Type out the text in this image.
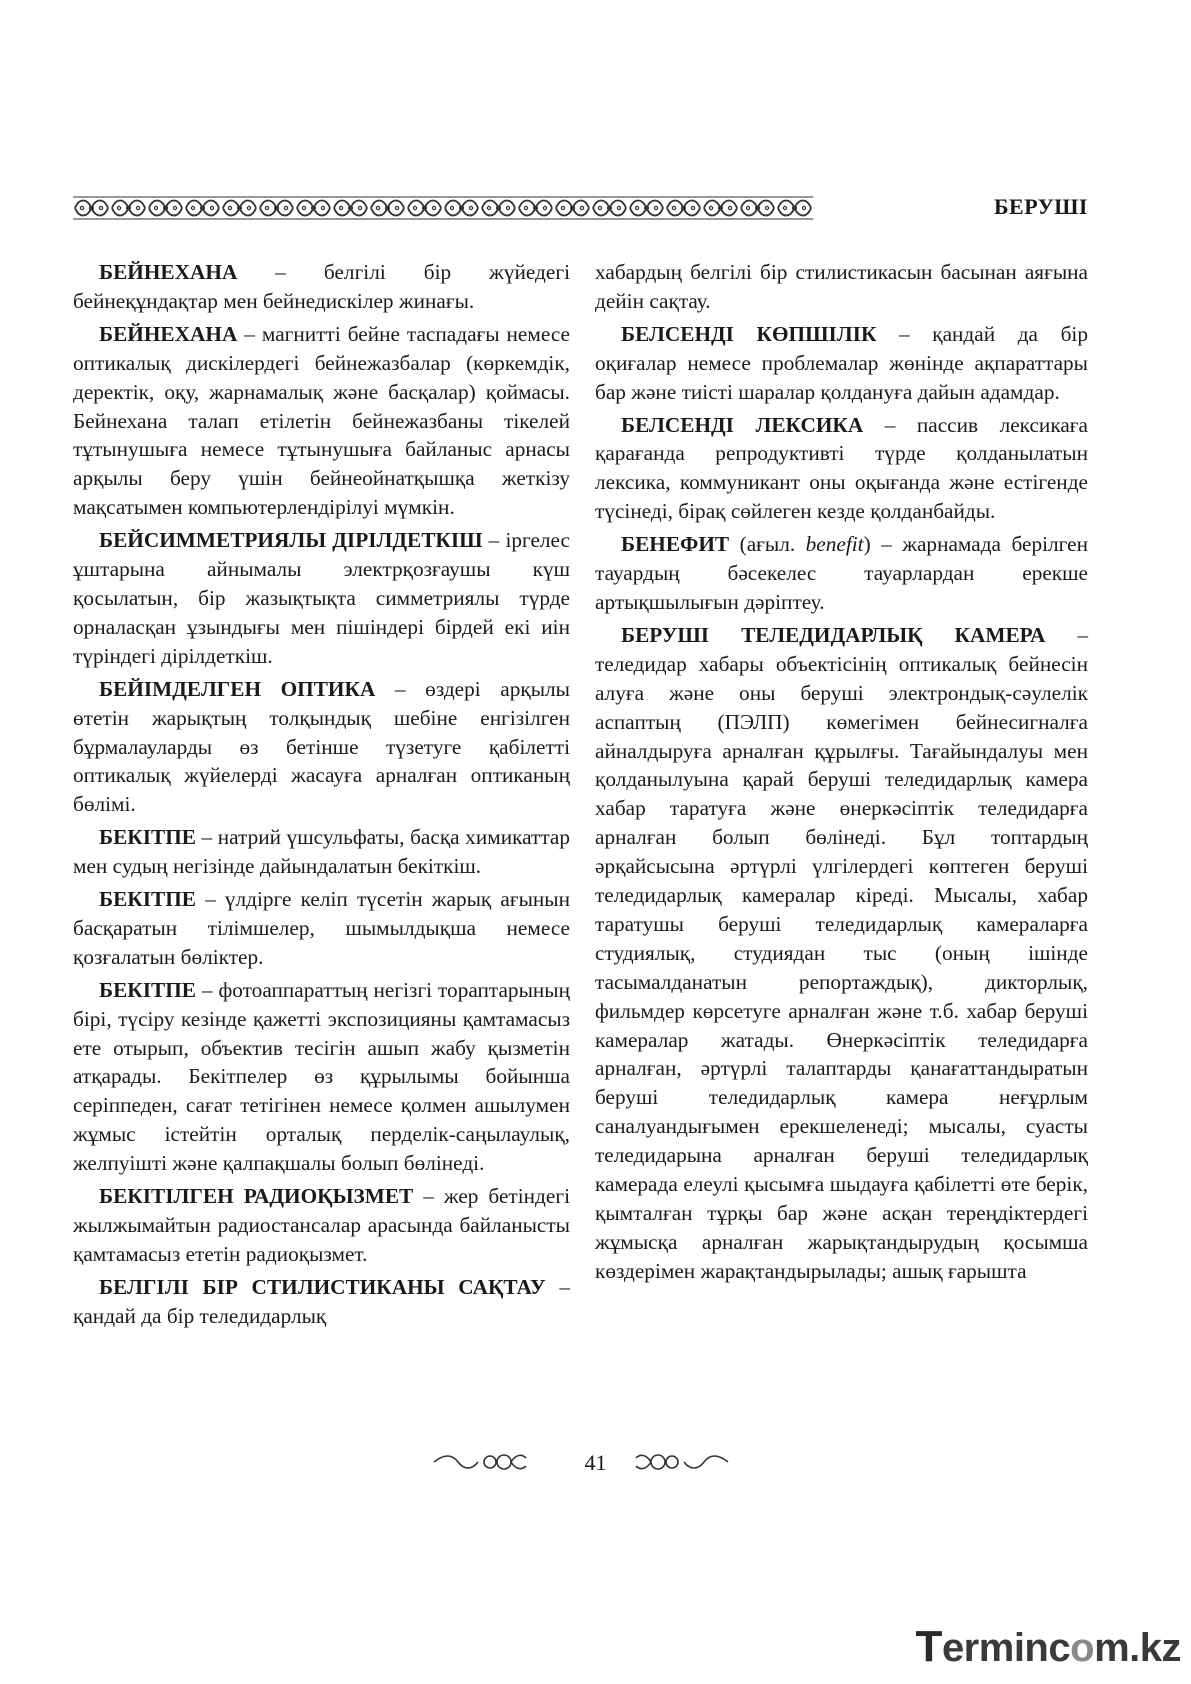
БЕРУШІ

БЕЙНЕХАНА – белгілі бір жүйедегі бейнеқұндақтар мен бейнедискілер жинағы.

БЕЙНЕХАНА – магнитті бейне таспадағы немесе оптикалық дискілердегі бейнежазбалар (көркемдік, деректік, оқу, жарнамалық және басқалар) қоймасы. Бейнехана талап етілетін бейнежазбаны тікелей тұтынушыға немесе тұтынушыға байланыс арнасы арқылы беру үшін бейнеойнатқышқа жеткізу мақсатымен компьютерлендірілуі мүмкін.

БЕЙСИММЕТРИЯЛЫ ДІРІЛДЕТКІШ – іргелес ұштарына айнымалы электрқозғаушы күш қосылатын, бір жазықтықта симметриялы түрде орналасқан ұзындығы мен пішіндері бірдей екі иін түріндегі дірілдеткіш.

БЕЙІМДЕЛГЕН ОПТИКА – өздері арқылы өтетін жарықтың толқындық шебіне енгізілген бұрмалауларды өз бетінше түзетуге қабілетті оптикалық жүйелерді жасауға арналған оптиканың бөлімі.

БЕКІТПЕ – натрий үшсульфаты, басқа химикаттар мен судың негізінде дайындалатын бекіткіш.

БЕКІТПЕ – үлдірге келіп түсетін жарық ағынын басқаратын тілімшелер, шымылдықша немесе қозғалатын бөліктер.

БЕКІТПЕ – фотоаппараттың негізгі тораптарының бірі, түсіру кезінде қажетті экспозицияны қамтамасыз ете отырып, объектив тесігін ашып жабу қызметін атқарады. Бекітпелер өз құрылымы бойынша серіппеден, сағат тетігінен немесе қолмен ашылумен жұмыс істейтін орталық перделік-саңылаулық, желпуішті және қалпақшалы болып бөлінеді.

БЕКІТІЛГЕН РАДИОҚЫЗМЕТ – жер бетіндегі жылжымайтын радиостансалар арасында байланысты қамтамасыз ететін радиоқызмет.

БЕЛГІЛІ БІР СТИЛИСТИКАНЫ САҚТАУ – қандай да бір теледидарлық

хабардың белгілі бір стилистикасын басынан аяғына дейін сақтау.

БЕЛСЕНДІ КӨПШІЛІК – қандай да бір оқиғалар немесе проблемалар жөнінде ақпараттары бар және тиісті шаралар қолдануға дайын адамдар.

БЕЛСЕНДІ ЛЕКСИКА – пассив лексикаға қарағанда репродуктивті түрде қолданылатын лексика, коммуникант оны оқығанда және естігенде түсінеді, бірақ сөйлеген кезде қолданбайды.

БЕНЕФИТ (ағыл. benefit) – жарнамада берілген тауардың бәсекелес тауарлардан ерекше артықшылығын дәріптеу.

БЕРУШІ ТЕЛЕДИДАРЛЫҚ КАМЕРА – теледидар хабары объектісінің оптикалық бейнесін алуға және оны беруші электрондық-сәулелік аспаптың (ПЭЛП) көмегімен бейнесигналға айналдыруға арналған құрылғы. Тағайындалуы мен қолданылуына қарай беруші теледидарлық камера хабар таратуға және өнеркәсіптік теледидарға арналған болып бөлінеді. Бұл топтардың әрқайсысына әртүрлі үлгілердегі көптеген беруші теледидарлық камералар кіреді. Мысалы, хабар таратушы беруші теледидарлық камераларға студиялық, студиядан тыс (оның ішінде тасымалданатын репортаждық), дикторлық, фильмдер көрсетуге арналған және т.б. хабар беруші камералар жатады. Өнеркәсіптік теледидарға арналған, әртүрлі талаптарды қанағаттандыратын беруші теледидарлық камера неғұрлым саналуандығымен ерекшеленеді; мысалы, суасты теледидарына арналған беруші теледидарлық камерада елеулі қысымға шыдауға қабілетті өте берік, қымталған тұрқы бар және асқан тереңдіктердегі жұмысқа арналған жарықтандырудың қосымша көздерімен жарақтандырылады; ашық ғарышта

41
Termincom.kz
